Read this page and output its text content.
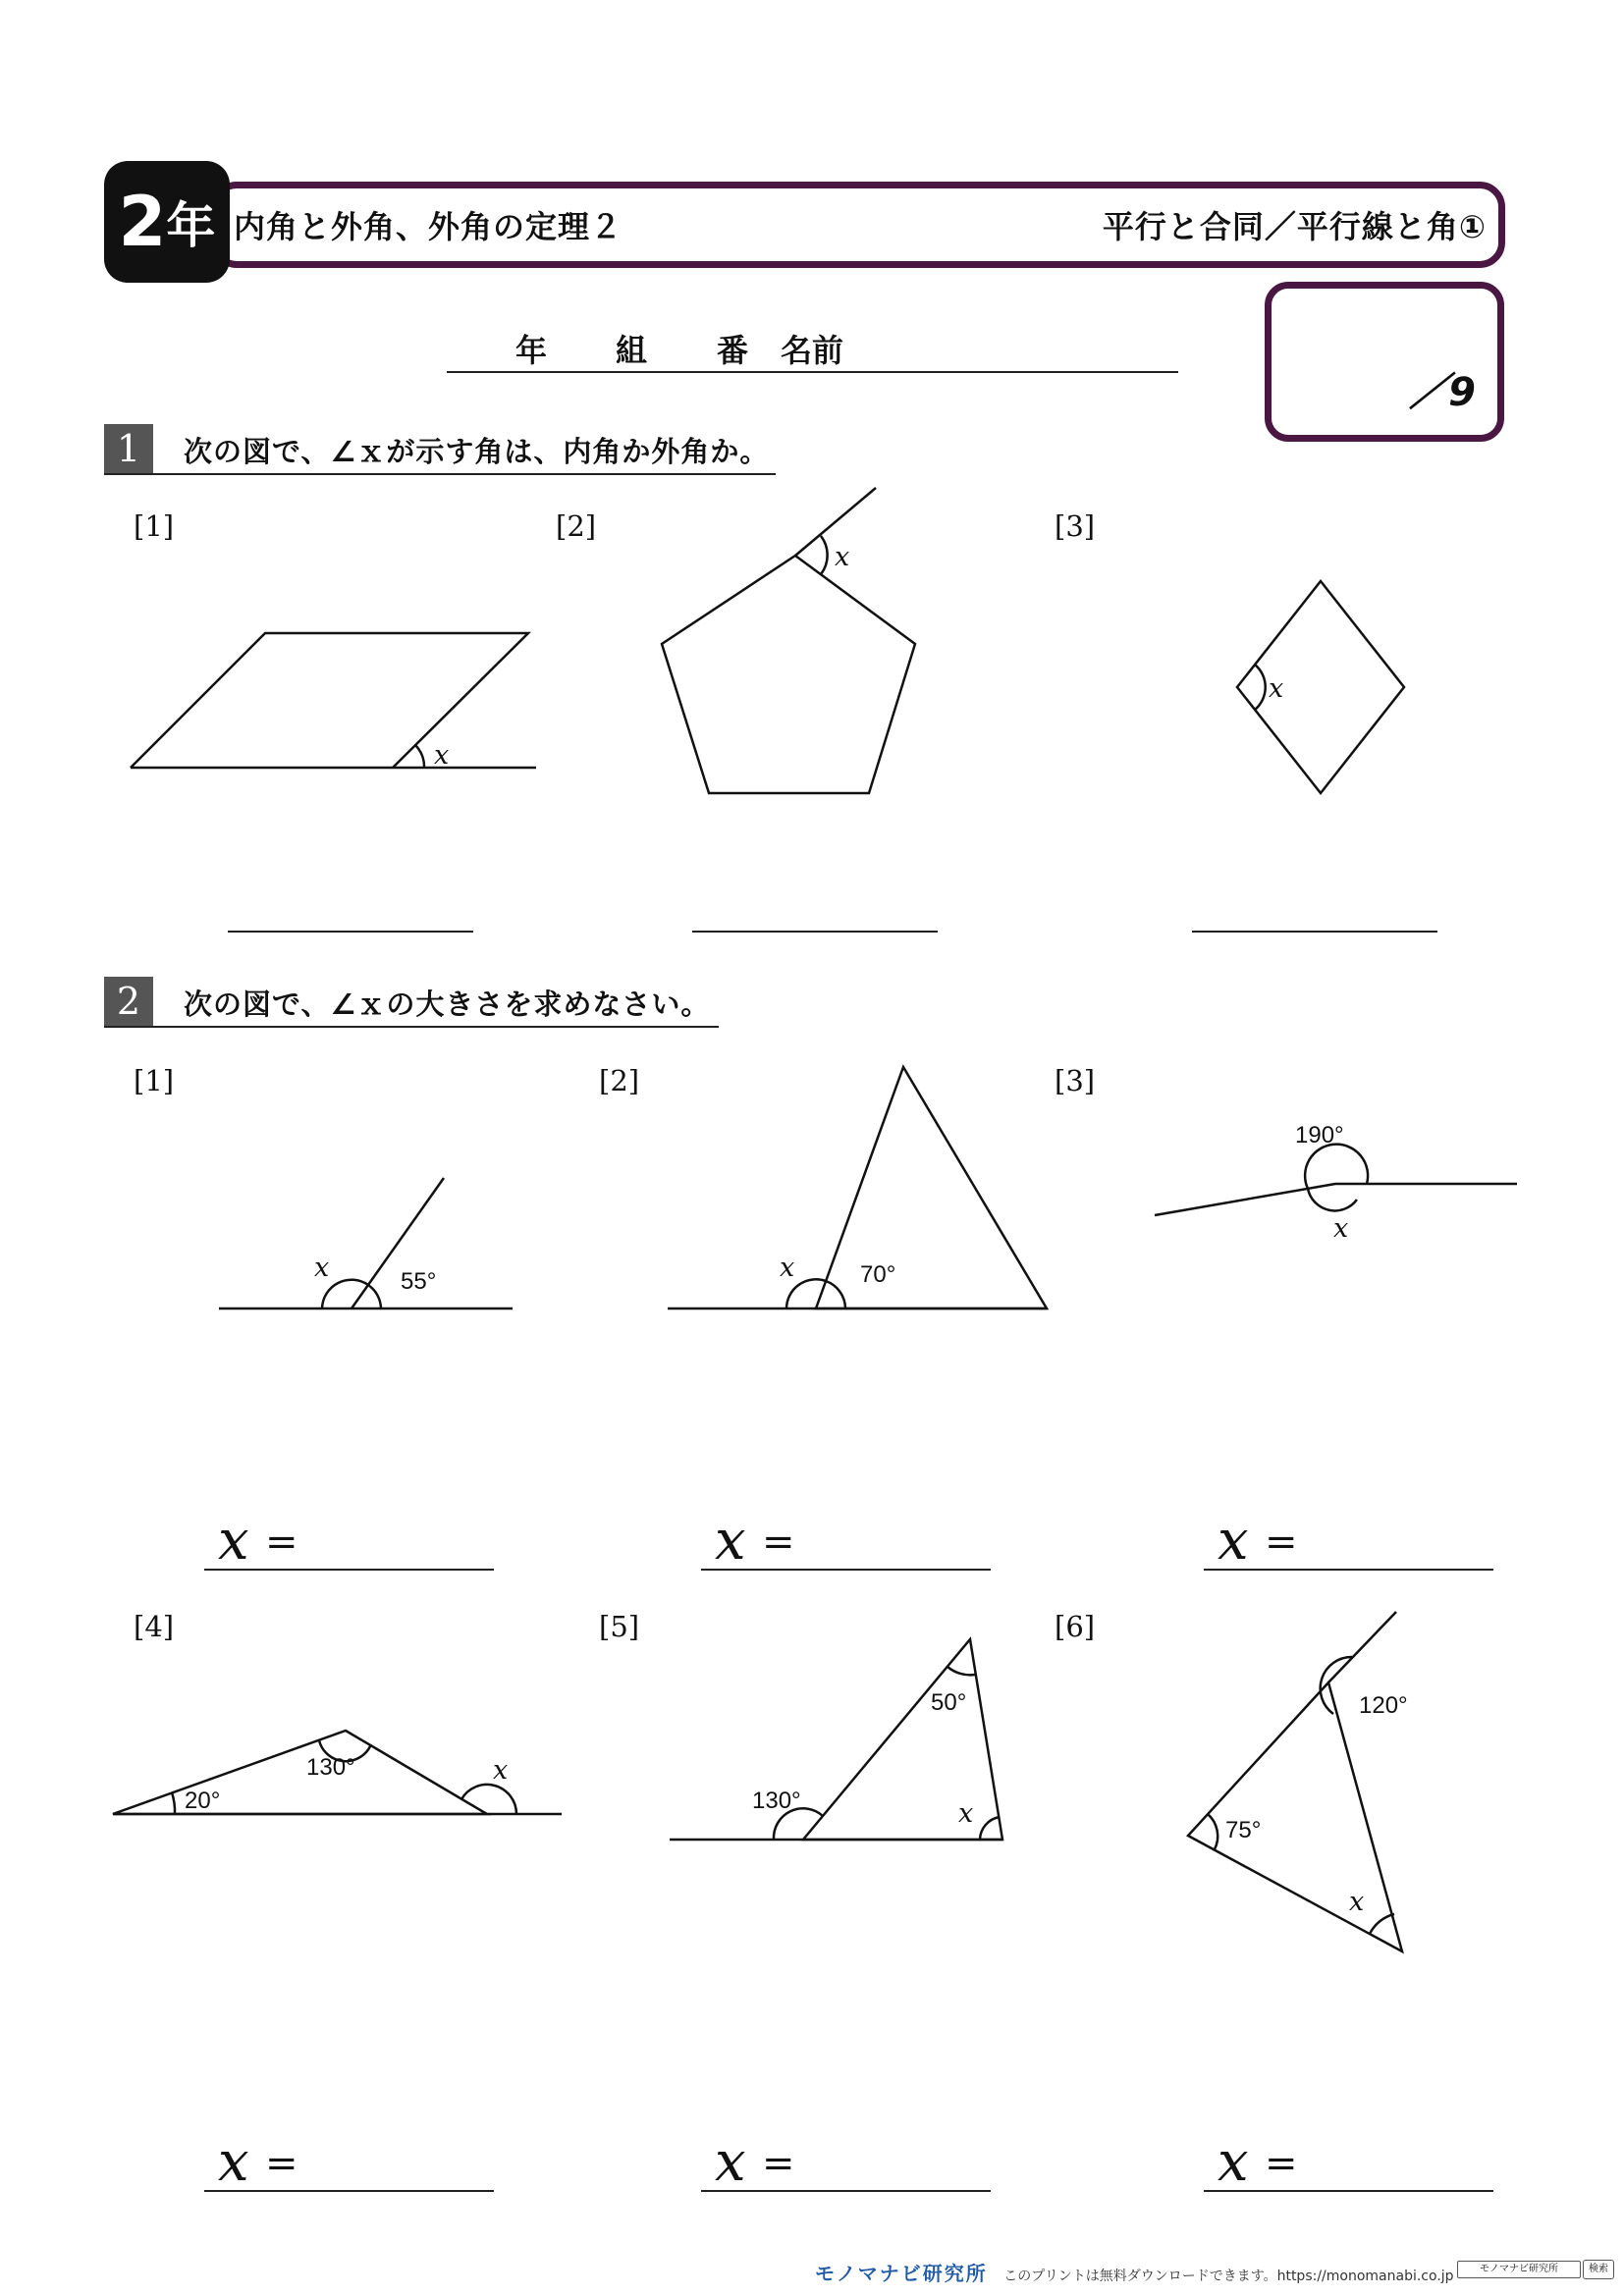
2 年 内角と外角、外角の定理２	平行と合同／平行線と角①
年 組 番 名前
／9
1	次の図で、∠ｘが示す角は、内角か外角か。
[1]	[2]	[3]
2	次の図で、∠ｘの大きさを求めなさい。
[1]	[2]	[3]
[4]	[5]	[6]
x =	x =	x =
x =	x =	x =
x
x
x
x	55°	x	70°
190°
x
20°
130°	x
130°
50°
x
120°
75°
x
モノマナビ研究所 このプリントは無料ダウンロードできます。https://monomanabi.co.jp	モノマナビ研究所	検索
